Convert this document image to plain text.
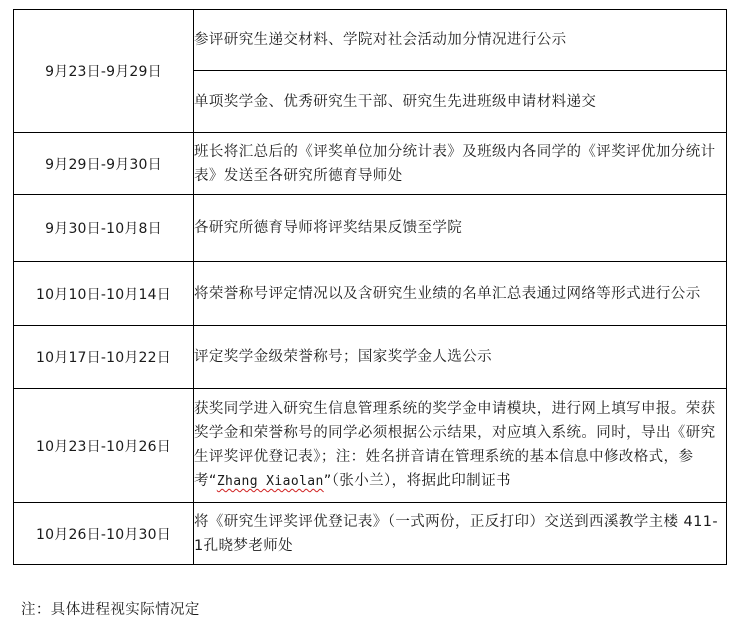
9月23日-9月29日	参评研究生递交材料、学院对社会活动加分情况进行公示
	单项奖学金、优秀研究生干部、研究生先进班级申请材料递交
9月29日-9月30日	班长将汇总后的《评奖单位加分统计表》及班级内各同学的《评奖评优加分统计表》发送至各研究所德育导师处
9月30日-10月8日	各研究所德育导师将评奖结果反馈至学院
10月10日-10月14日	将荣誉称号评定情况以及含研究生业绩的名单汇总表通过网络等形式进行公示
10月17日-10月22日	评定奖学金级荣誉称号；国家奖学金人选公示
10月23日-10月26日	获奖同学进入研究生信息管理系统的奖学金申请模块，进行网上填写申报。荣获奖学金和荣誉称号的同学必须根据公示结果，对应填入系统。同时，导出《研究生评奖评优登记表》；注：姓名拼音请在管理系统的基本信息中修改格式，参考“Zhang Xiaolan”（张小兰），将据此印制证书
10月26日-10月30日	将《研究生评奖评优登记表》（一式两份，正反打印）交送到西溪教学主楼 411-1孔晓梦老师处
注：具体进程视实际情况定
